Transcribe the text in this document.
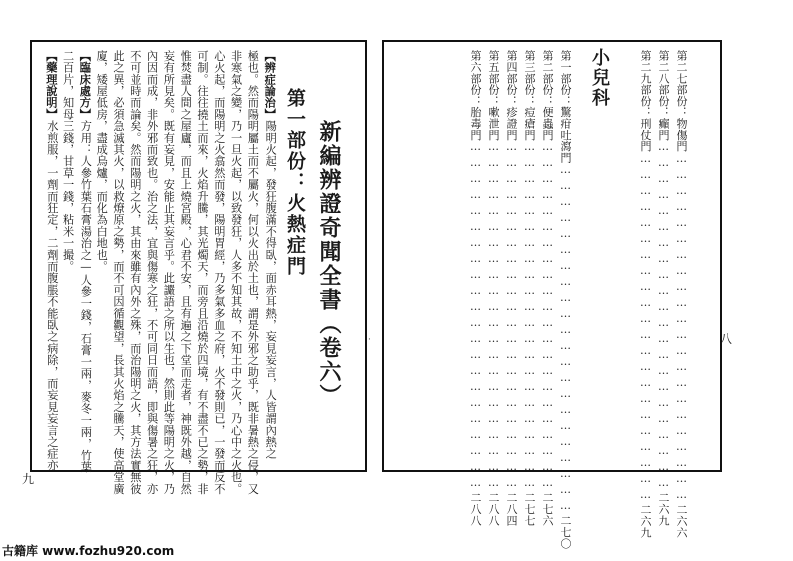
新編辨證奇聞全書（卷六）
第一部份：火熱症門
【辨症論治】陽明火起，發狂腹滿不得臥，面赤耳熱，妄見妄言，人皆謂內熱之
極也。然而陽明屬土而不屬火，何以火出於土也，謂是外邪之助乎，既非暑熱之侵，又
非寒氣之變，乃一旦火起，以致發狂，人多不知其故，不知土中之火，乃心中之火也。
心火起，而陽明之火翕然而發，陽明胃經，乃多氣多血之府，火不發則已，一發而反不
可制。往往撓土而來，火焰升騰，其光燭天，而旁且沿燒於四境，有不盡不已之勢，非
惟焚盡人間之屋廬，而且上燒宮殿，心君不安，且有遍之下堂而走者，神既外越，自然
妄有所見矣。既有妄見，安能止其妄言乎。此讝語之所以生也，然則此等陽明之火，乃
內因而成，非外邪而致也。治之法，宜與傷寒之狂，不可同日而語，即與傷暑之狂，亦
不可並時而論矣。然而陽明之火，其由來雖有內外之殊，而治陽明之火，其方法實無彼
此之異，必須急滅其火，以救燎原之勢，而不可因循觀望，長其火焰之騰天，使高堂廣
廈，矮屋低房，盡成烏爐，而化為白地也。
【臨床處方】方用：人參竹葉石膏湯治之—人參一錢，石膏一兩，麥冬一兩，竹葉
二百片，知母三錢，甘草一錢，粘米一撮。
【藥理說明】水煎服，一劑而狂定，二劑而腹脹不能臥之病除，而妄見妄言之症亦
九
小兒科	第二七部份：物傷門
…………………………………………………………
二六六
第二八部份：癲門
…………………………………………………………
二六九
第二九部份：刑仗門
…………………………………………………………
二六九
第一部份：驚疳吐瀉門
…………………………………………………………
二七〇
第二部份：便蟲門
…………………………………………………………
二七六
第三部份：痘瘡門
…………………………………………………………
二七七
第四部份：疹證門
…………………………………………………………
二八四
第五部份：嗽泄門
…………………………………………………………
二八八
第六部份：胎毒門
…………………………………………………………
二八八
八
·
古籍库 www.fozhu920.com
